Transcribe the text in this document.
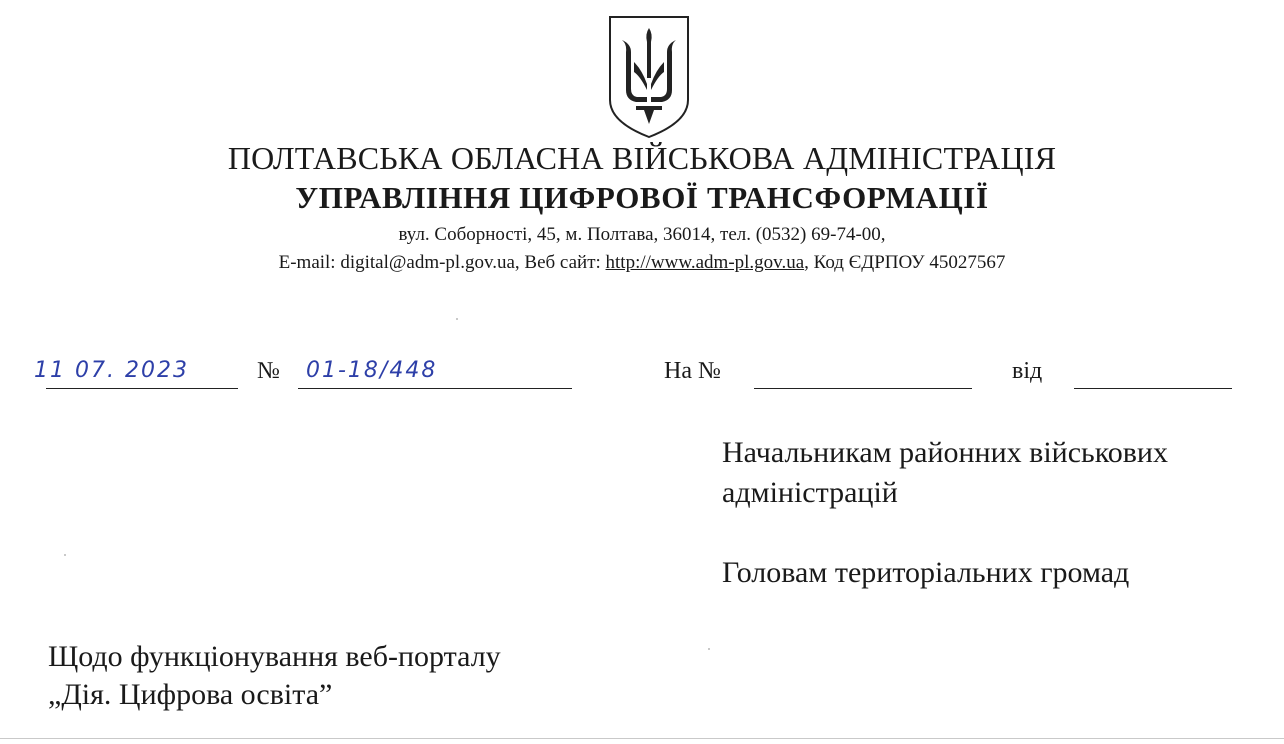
ПОЛТАВСЬКА ОБЛАСНА ВІЙСЬКОВА АДМІНІСТРАЦІЯ
УПРАВЛІННЯ ЦИФРОВОЇ ТРАНСФОРМАЦІЇ
вул. Соборності, 45, м. Полтава, 36014, тел. (0532) 69-74-00,
E-mail: digital@adm-pl.gov.ua, Веб сайт: http://www.adm-pl.gov.ua, Код ЄДРПОУ 45027567
11 07. 2023	№ 01-18/448	На №	від
Начальникам районних військових
адміністрацій
Головам територіальних громад
Щодо функціонування веб-порталу
„Дія. Цифрова освіта”
